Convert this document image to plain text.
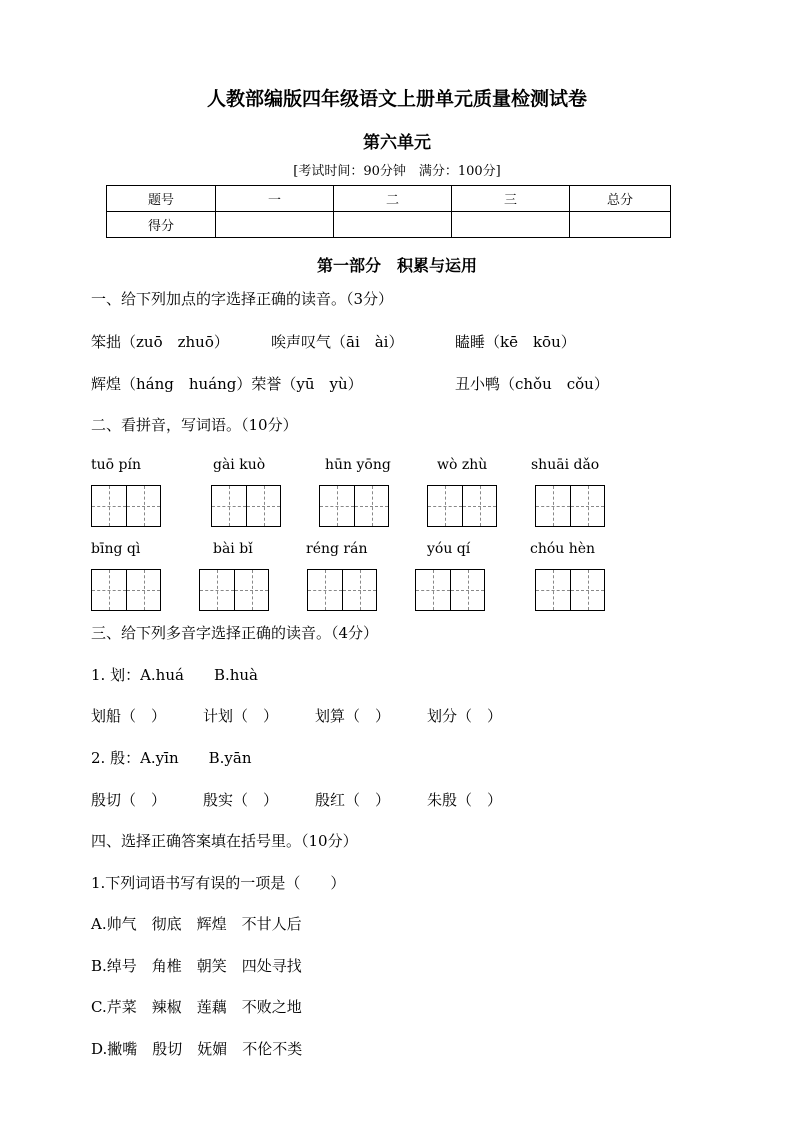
人教部编版四年级语文上册单元质量检测试卷
第六单元
[考试时间：90分钟　满分：100分]
题号	一	二	三	总分
得分				
第一部分　积累与运用
一、给下列加点的字选择正确的读音。（3分）
笨拙（zuō　zhuō）	唉声叹气（āi　ài）	瞌睡（kē　kōu）
辉煌（háng　huáng）荣誉（yū　yù）	丑小鸭（chǒu　cǒu）
二、看拼音，写词语。（10分）
tuō pín	gài kuò	hūn yōng	wò zhù	shuāi dǎo
bīng qì	bài bǐ	réng rán	yóu qí	chóu hèn
三、给下列多音字选择正确的读音。（4分）
1. 划：A.huá　　B.huà
划船（　） 计划（　） 划算（　） 划分（　）
2. 殷：A.yīn　　B.yān
殷切（　） 殷实（　） 殷红（　） 朱殷（　）
四、选择正确答案填在括号里。（10分）
1.下列词语书写有误的一项是（　　）
A.帅气　彻底　辉煌　不甘人后
B.绰号　角椎　朝笑　四处寻找
C.芹菜　辣椒　莲藕　不败之地
D.撇嘴　殷切　妩媚　不伦不类
